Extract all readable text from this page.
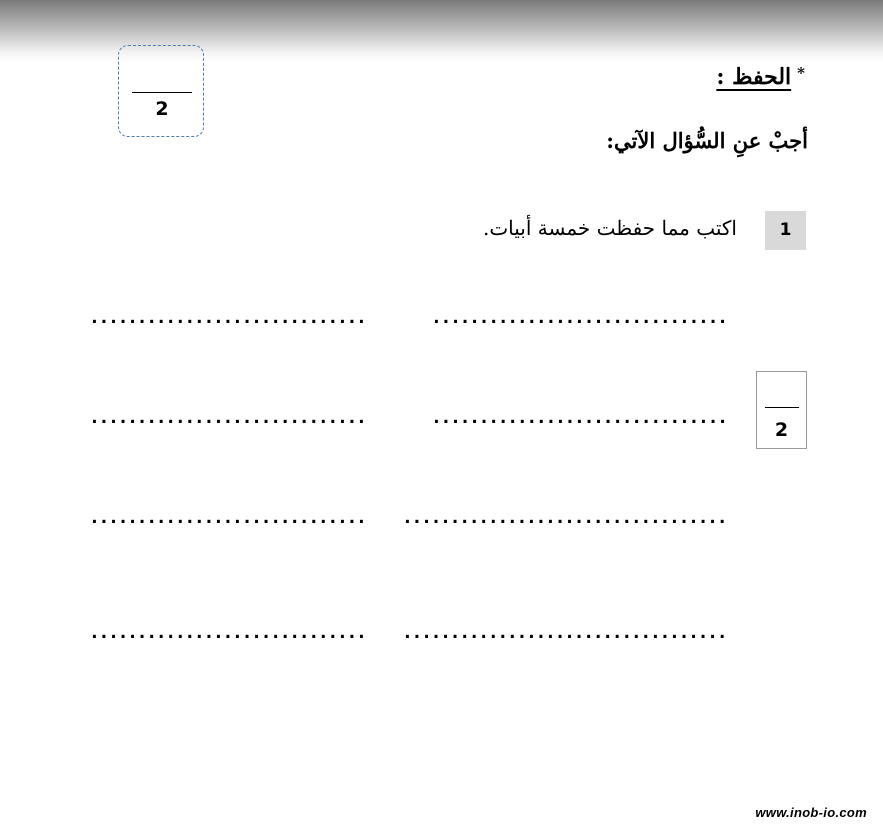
2
*الحفظ :
أجبْ عنِ السُّؤال الآتي:
1
اكتب مما حفظت خمسة أبيات.
2
...............................
.............................
...............................
.............................
..................................
.............................
..................................
.............................
www.inob-io.com
